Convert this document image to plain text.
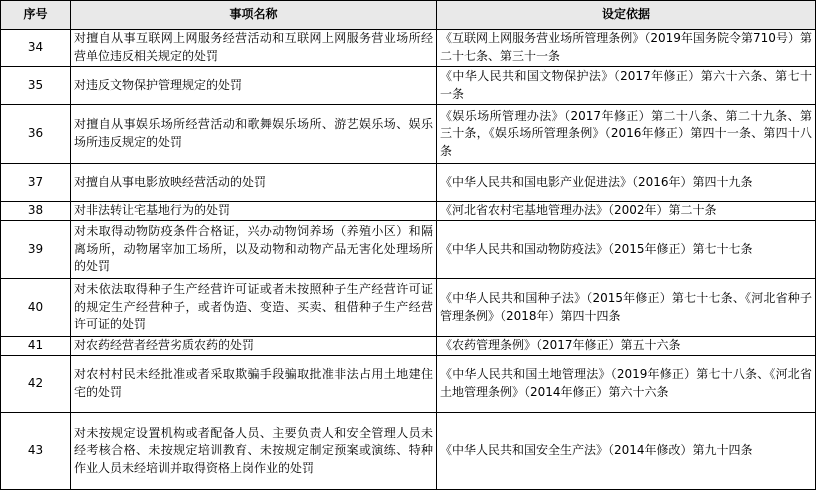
序号	事项名称	设定依据
34	对擅自从事互联网上网服务经营活动和互联网上网服务营业场所经营单位违反相关规定的处罚	《互联网上网服务营业场所管理条例》（2019年国务院令第710号）第二十七条、第三十一条
35	对违反文物保护管理规定的处罚	《中华人民共和国文物保护法》（2017年修正）第六十六条、第七十一条
36	对擅自从事娱乐场所经营活动和歌舞娱乐场所、游艺娱乐场、娱乐场所违反规定的处罚	《娱乐场所管理办法》（2017年修正）第二十八条、第二十九条、第三十条，《娱乐场所管理条例》（2016年修正）第四十一条、第四十八条
37	对擅自从事电影放映经营活动的处罚	《中华人民共和国电影产业促进法》（2016年）第四十九条
38	对非法转让宅基地行为的处罚	《河北省农村宅基地管理办法》（2002年）第二十条
39	对未取得动物防疫条件合格证，兴办动物饲养场（养殖小区）和隔离场所，动物屠宰加工场所，以及动物和动物产品无害化处理场所的处罚	《中华人民共和国动物防疫法》（2015年修正）第七十七条
40	对未依法取得种子生产经营许可证或者未按照种子生产经营许可证的规定生产经营种子，或者伪造、变造、买卖、租借种子生产经营许可证的处罚	《中华人民共和国种子法》（2015年修正）第七十七条、《河北省种子管理条例》（2018年）第四十四条
41	对农药经营者经营劣质农药的处罚	《农药管理条例》（2017年修正）第五十六条
42	对农村村民未经批准或者采取欺骗手段骗取批准非法占用土地建住宅的处罚	《中华人民共和国土地管理法》（2019年修正）第七十八条、《河北省土地管理条例》（2014年修正）第六十六条
43	对未按规定设置机构或者配备人员、主要负责人和安全管理人员未经考核合格、未按规定培训教育、未按规定制定预案或演练、特种作业人员未经培训并取得资格上岗作业的处罚	《中华人民共和国安全生产法》（2014年修改）第九十四条
